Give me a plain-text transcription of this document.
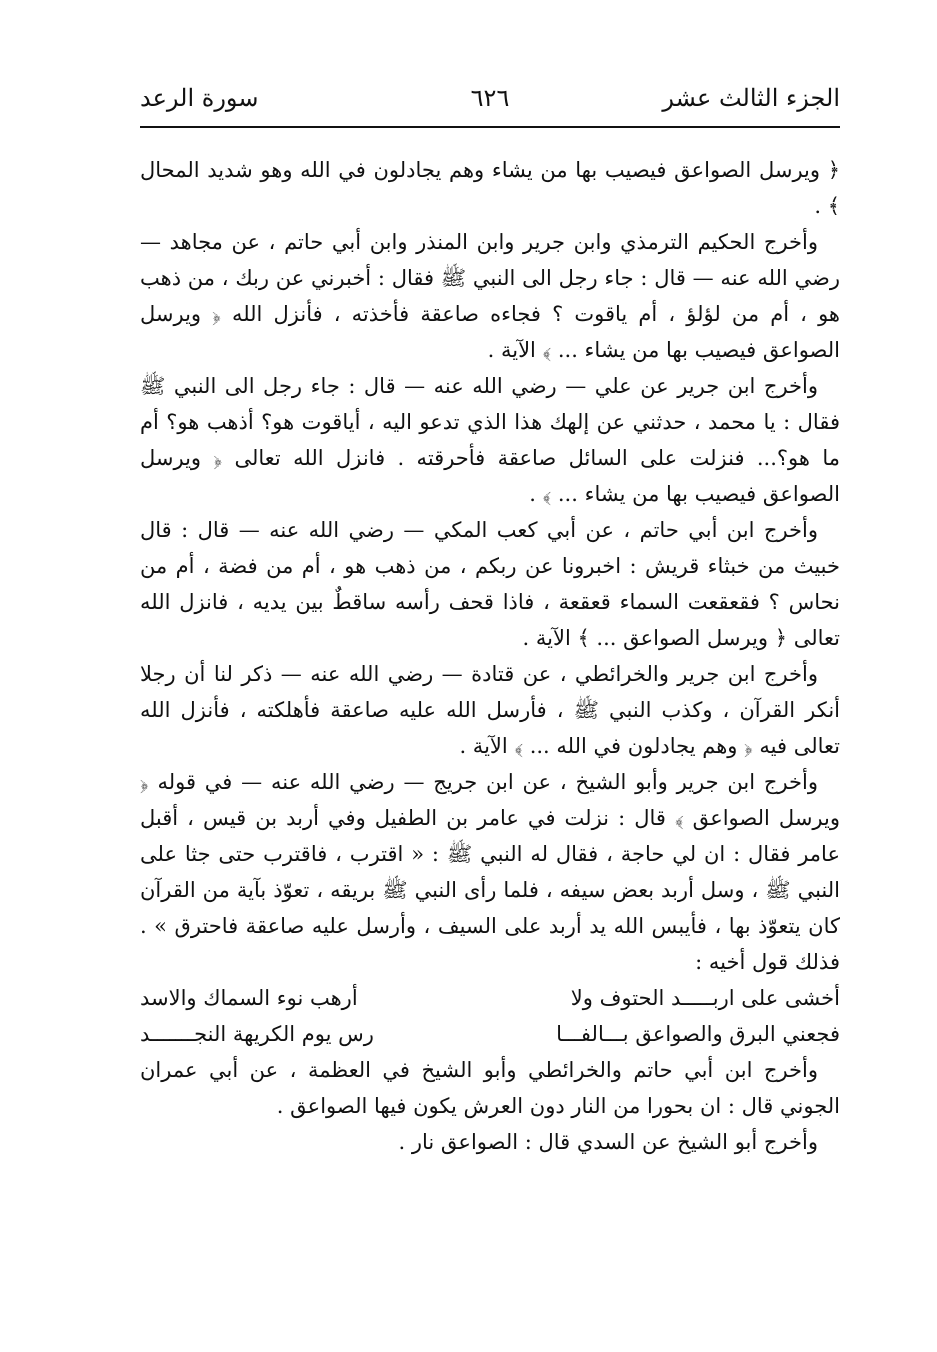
الجزء الثالث عشر
٦٢٦
سورة الرعد

﴿ ويرسل الصواعق فيصيب بها من يشاء وهم يجادلون في الله وهو شديد المحال ﴾ .

وأخرج الحكيم الترمذي وابن جرير وابن المنذر وابن أبي حاتم ، عن مجاهد — رضي الله عنه — قال : جاء رجل الى النبي ﷺ فقال : أخبرني عن ربك ، من ذهب هو ، أم من لؤلؤ ، أم ياقوت ؟ فجاءه صاعقة فأخذته ، فأنزل الله ﴿ ويرسل الصواعق فيصيب بها من يشاء ... ﴾ الآية .

وأخرج ابن جرير عن علي — رضي الله عنه — قال : جاء رجل الى النبي ﷺ فقال : يا محمد ، حدثني عن إلهك هذا الذي تدعو اليه ، أياقوت هو؟ أذهب هو؟ أم ما هو؟... فنزلت على السائل صاعقة فأحرقته . فانزل الله تعالى ﴿ ويرسل الصواعق فيصيب بها من يشاء ... ﴾ .

وأخرج ابن أبي حاتم ، عن أبي كعب المكي — رضي الله عنه — قال : قال خبيث من خبثاء قريش : اخبرونا عن ربكم ، من ذهب هو ، أم من فضة ، أم من نحاس ؟ فقعقعت السماء قعقعة ، فاذا قحف رأسه ساقطٌ بين يديه ، فانزل الله تعالى ﴿ ويرسل الصواعق ... ﴾ الآية .

وأخرج ابن جرير والخرائطي ، عن قتادة — رضي الله عنه — ذكر لنا أن رجلا أنكر القرآن ، وكذب النبي ﷺ ، فأرسل الله عليه صاعقة فأهلكته ، فأنزل الله تعالى فيه ﴿ وهم يجادلون في الله ... ﴾ الآية .

وأخرج ابن جرير وأبو الشيخ ، عن ابن جريج — رضي الله عنه — في قوله ﴿ ويرسل الصواعق ﴾ قال : نزلت في عامر بن الطفيل وفي أربد بن قيس ، أقبل عامر فقال : ان لي حاجة ، فقال له النبي ﷺ : « اقترب ، فاقترب حتى جثا على النبي ﷺ ، وسل أربد بعض سيفه ، فلما رأى النبي ﷺ بريقه ، تعوّذ بآية من القرآن كان يتعوّذ بها ، فأيبس الله يد أربد على السيف ، وأرسل عليه صاعقة فاحترق » . فذلك قول أخيه :

أخشى على اربـــــد الحتوف ولا
أرهب نوء السماك والاسد
فجعني البرق والصواعق بـــالفـــا
رس يوم الكريهة النجـــــــد

وأخرج ابن أبي حاتم والخرائطي وأبو الشيخ في العظمة ، عن أبي عمران الجوني قال : ان بحورا من النار دون العرش يكون فيها الصواعق .

وأخرج أبو الشيخ عن السدي قال : الصواعق نار .
